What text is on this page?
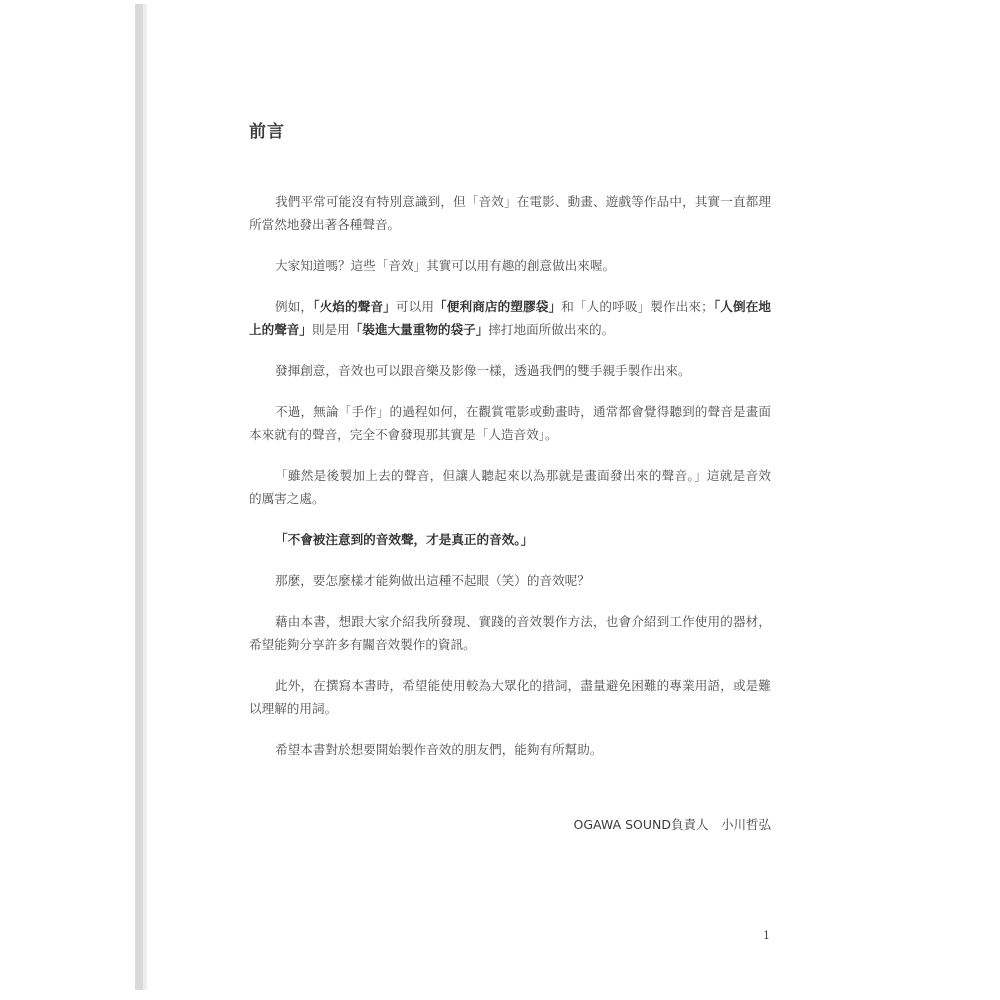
前言

我們平常可能沒有特別意識到，但「音效」在電影、動畫、遊戲等作品中，其實一直都理所當然地發出著各種聲音。

大家知道嗎？這些「音效」其實可以用有趣的創意做出來喔。

例如，「火焰的聲音」可以用「便利商店的塑膠袋」和「人的呼吸」製作出來；「人倒在地上的聲音」則是用「裝進大量重物的袋子」摔打地面所做出來的。

發揮創意，音效也可以跟音樂及影像一樣，透過我們的雙手親手製作出來。

不過，無論「手作」的過程如何，在觀賞電影或動畫時，通常都會覺得聽到的聲音是畫面本來就有的聲音，完全不會發現那其實是「人造音效」。

「雖然是後製加上去的聲音，但讓人聽起來以為那就是畫面發出來的聲音。」這就是音效的厲害之處。

「不會被注意到的音效聲，才是真正的音效。」

那麼，要怎麼樣才能夠做出這種不起眼（笑）的音效呢？

藉由本書，想跟大家介紹我所發現、實踐的音效製作方法，也會介紹到工作使用的器材，希望能夠分享許多有關音效製作的資訊。

此外，在撰寫本書時，希望能使用較為大眾化的措詞，盡量避免困難的專業用語，或是難以理解的用詞。

希望本書對於想要開始製作音效的朋友們，能夠有所幫助。

OGAWA SOUND負責人　小川哲弘
1
